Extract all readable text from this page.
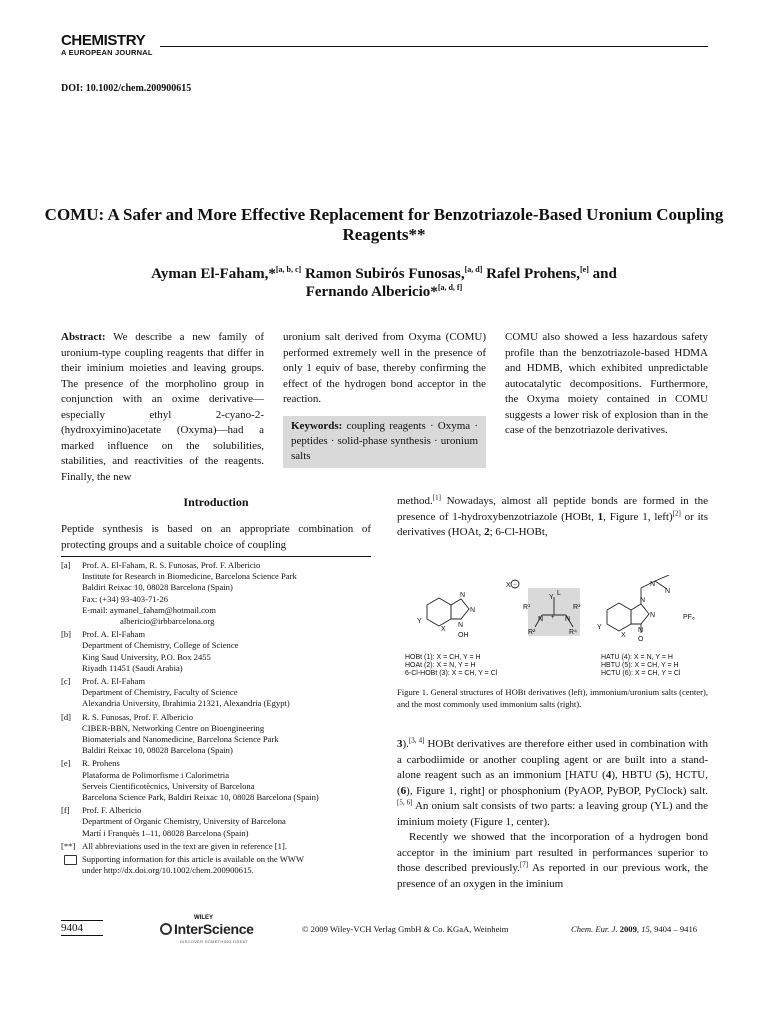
CHEMISTRY
A EUROPEAN JOURNAL
DOI: 10.1002/chem.200900615
COMU: A Safer and More Effective Replacement for Benzotriazole-Based Uronium Coupling Reagents**
Ayman El-Faham,*[a, b, c] Ramon Subirós Funosas,[a, d] Rafel Prohens,[e] and
Fernando Albericio*[a, d, f]
Abstract: We describe a new family of uronium-type coupling reagents that differ in their iminium moieties and leaving groups. The presence of the morpholino group in conjunction with an oxime derivative—especially ethyl 2-cyano-2-(hydroxyimino)acetate (Oxyma)—had a marked influence on the solubilities, stabilities, and reactivities of the reagents. Finally, the new
uronium salt derived from Oxyma (COMU) performed extremely well in the presence of only 1 equiv of base, thereby confirming the effect of the hydrogen bond acceptor in the reaction.
Keywords: coupling reagents · Oxyma · peptides · solid-phase synthesis · uronium salts
COMU also showed a less hazardous safety profile than the benzotriazole-based HDMA and HDMB, which exhibited unpredictable autocatalytic decompositions. Furthermore, the Oxyma moiety contained in COMU suggests a lower risk of explosion than in the case of the benzotriazole derivatives.
Introduction
Peptide synthesis is based on an appropriate combination of protecting groups and a suitable choice of coupling
[a] Prof. A. El-Faham, R. S. Funosas, Prof. F. Albericio
Institute for Research in Biomedicine, Barcelona Science Park
Baldiri Reixac 10, 08028 Barcelona (Spain)
Fax: (+34) 93-403-71-26
E-mail: aymanel_faham@hotmail.com
albericio@irbbarcelona.org
[b] Prof. A. El-Faham
Department of Chemistry, College of Science
King Saud University, P.O. Box 2455
Riyadh 11451 (Saudi Arabia)
[c] Prof. A. El-Faham
Department of Chemistry, Faculty of Science
Alexandria University, Ibrahimia 21321, Alexandria (Egypt)
[d] R. S. Funosas, Prof. F. Albericio
CIBER-BBN, Networking Centre on Bioengineering
Biomaterials and Nanomedicine, Barcelona Science Park
Baldiri Reixac 10, 08028 Barcelona (Spain)
[e] R. Prohens
Plataforma de Polimorfisme i Calorimetria
Serveis Cientificotècnics, University of Barcelona
Barcelona Science Park, Baldiri Reixac 10, 08028 Barcelona (Spain)
[f] Prof. F. Albericio
Department of Organic Chemistry, University of Barcelona
Martí i Franquès 1–11, 08028 Barcelona (Spain)
[**] All abbreviations used in the text are given in reference [1].
Supporting information for this article is available on the WWW
under http://dx.doi.org/10.1002/chem.200900615.
method.[1] Nowadays, almost all peptide bonds are formed in the presence of 1-hydroxybenzotriazole (HOBt, 1, Figure 1, left)[2] or its derivatives (HOAt, 2; 6-Cl-HOBt,
N
N
N
OH
Y
X
X −
Y
L
R¹	R³
N	N
+
R²	R⁴
N
N
N
N
N
O
Y
X
PF₆
HOBt (1): X = CH, Y = H
HOAt (2): X = N, Y = H
6-Cl-HOBt (3): X = CH, Y = Cl
HATU (4): X = N, Y = H
HBTU (5): X = CH, Y = H
HCTU (6): X = CH, Y = Cl
Figure 1. General structures of HOBt derivatives (left), immonium/uronium salts (center), and the most commonly used immonium salts (right).
3).[3, 4] HOBt derivatives are therefore either used in combination with a carbodiimide or another coupling agent or are built into a stand-alone reagent such as an immonium [HATU (4), HBTU (5), HCTU, (6), Figure 1, right] or phosphonium (PyAOP, PyBOP, PyClock) salt.[5, 6] An onium salt consists of two parts: a leaving group (YL) and the iminium moiety (Figure 1, center).
Recently we showed that the incorporation of a hydrogen bond acceptor in the iminium part resulted in performances superior to those described previously.[7] As reported in our previous work, the presence of an oxygen in the iminium
9404
WILEY
InterScience
DISCOVER SOMETHING GREAT
© 2009 Wiley-VCH Verlag GmbH & Co. KGaA, Weinheim	Chem. Eur. J. 2009, 15, 9404 – 9416
